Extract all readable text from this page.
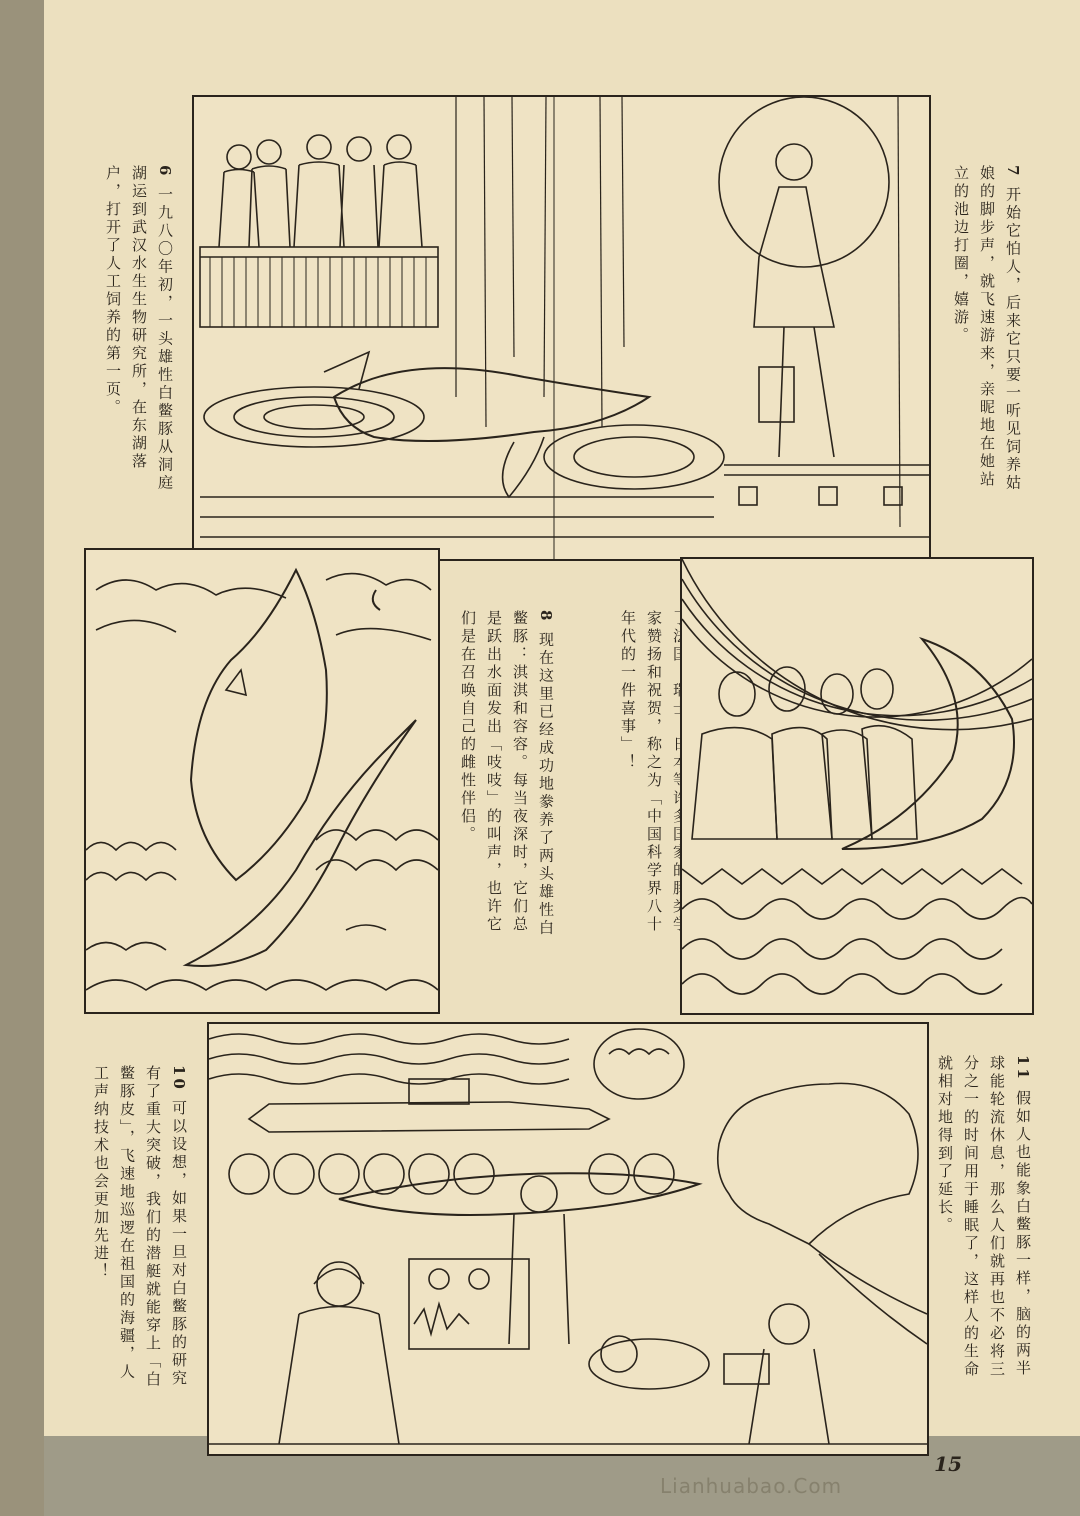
6 一九八〇年初，一头雄性白鳖豚从洞庭湖运到武汉水生生物研究所，在东湖落户，打开了人工饲养的第一页。	7 开始它怕人，后来它只要一听见饲养姑娘的脚步声，就飞速游来，亲昵地在她站立的池边打圈，嬉游。
家赞扬和祝贺，称之为「中国科学界八十年代的一件喜事」！
8 现在这里已经成功地豢养了两头雄性白鳖豚：淇淇和容容。每当夜深时，它们总是跃出水面发出「吱吱」的叫声，也许它们是在召唤自己的雌性伴侣。
10 可以设想，如果一旦对白鳖豚的研究有了重大突破，我们的潜艇就能穿上「白鳖豚皮」，飞速地巡逻在祖国的海疆，人工声纳技术也会更加先进！	11 假如人也能象白鳖豚一样，脑的两半球能轮流休息，那么人们就再也不必将三分之一的时间用于睡眠了，这样人的生命就相对地得到了延长。
Lianhuabao.Com
15
